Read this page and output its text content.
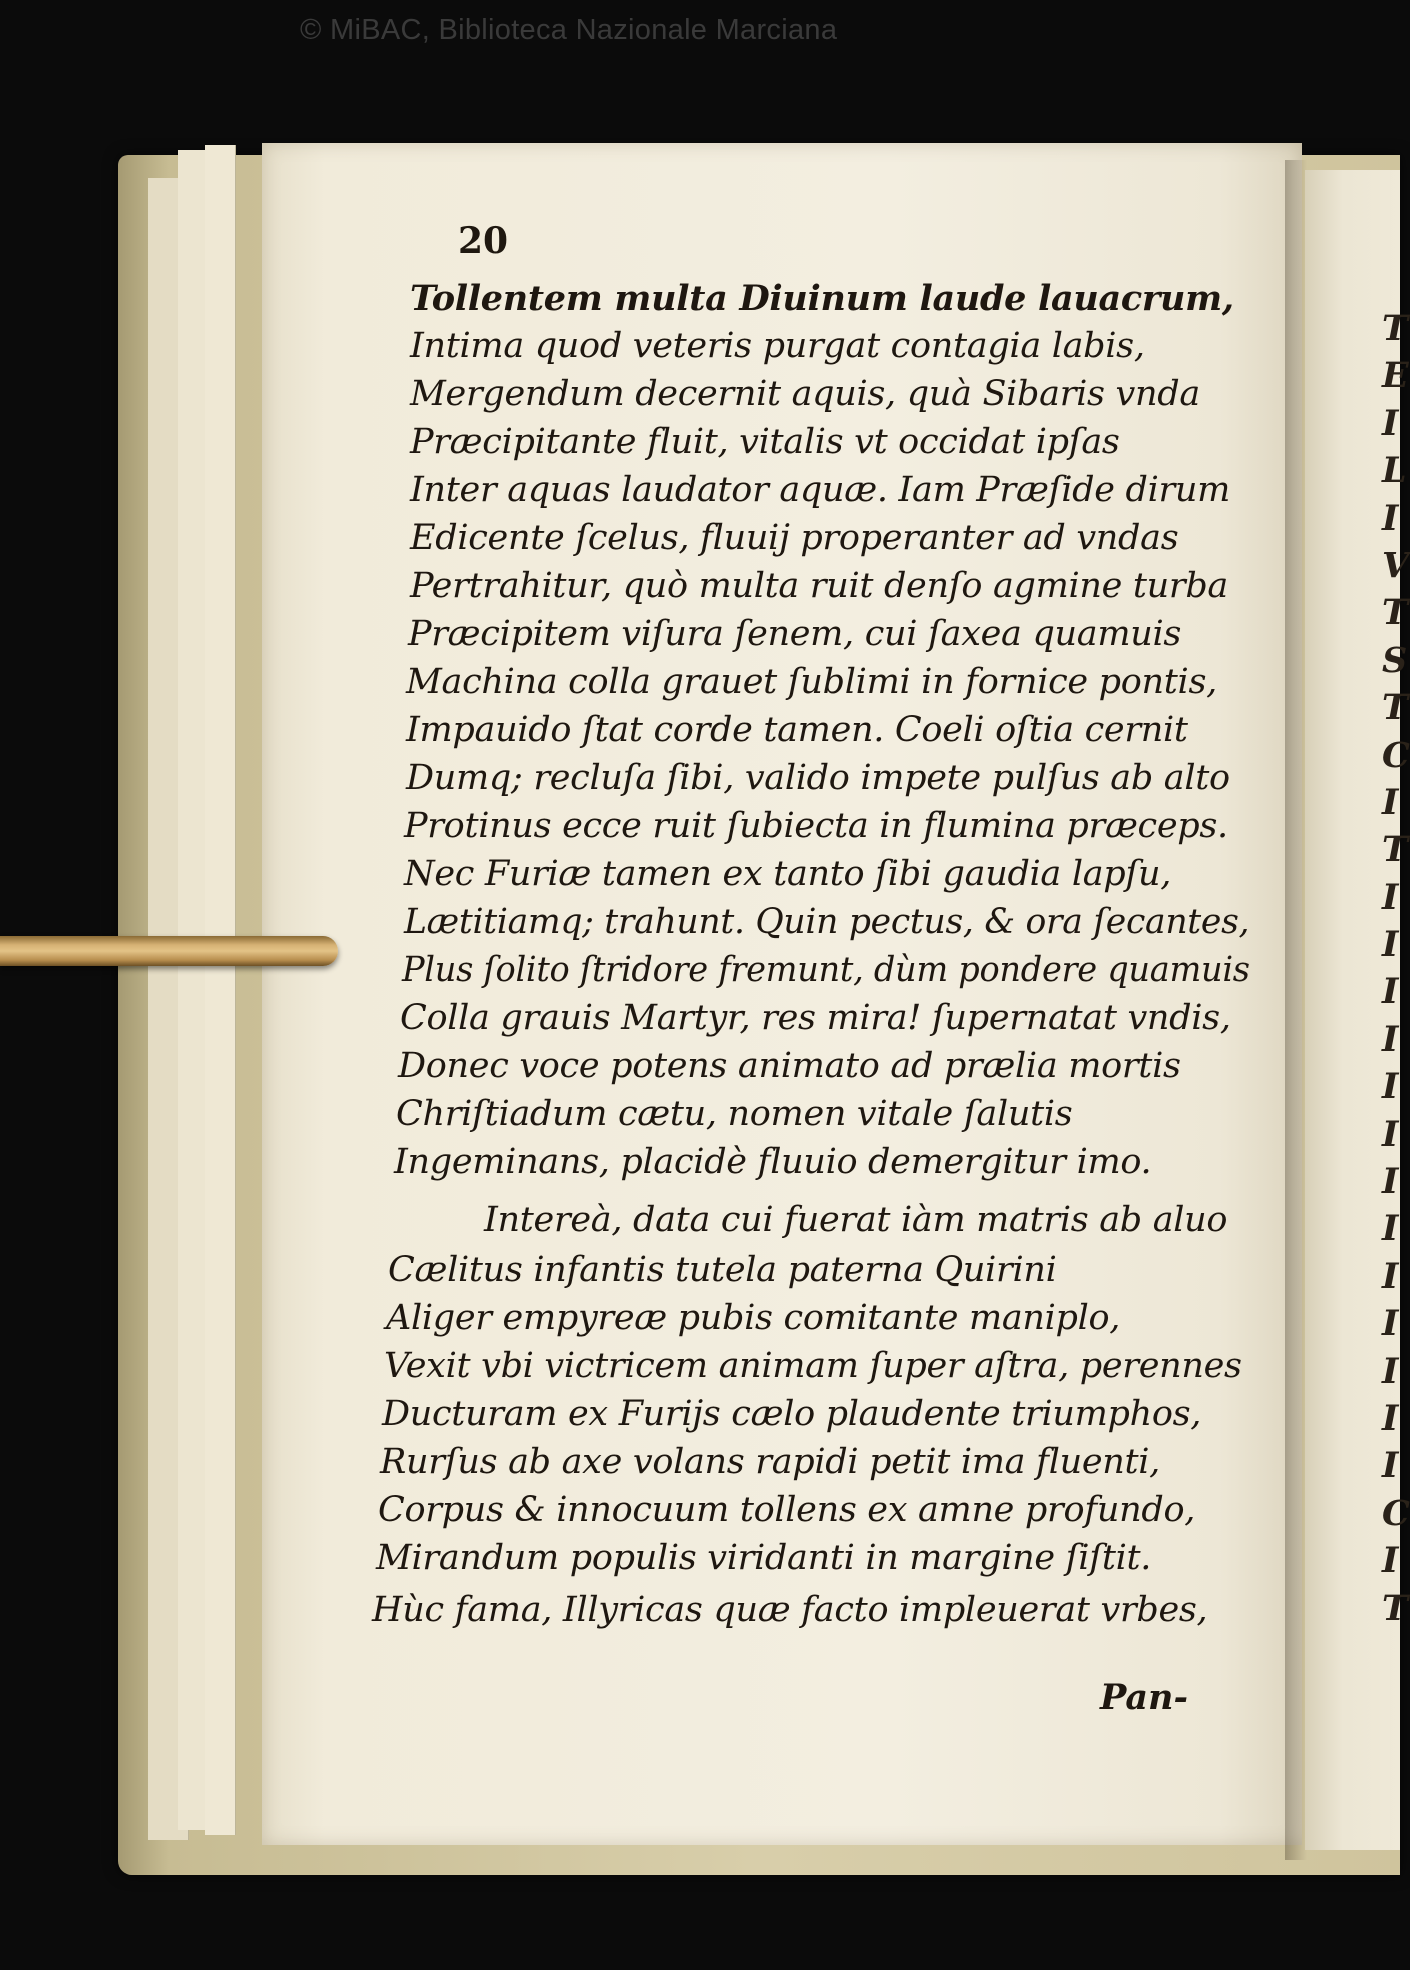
© MiBAC, Biblioteca Nazionale Marciana
T
E
I
L
I
V
T
S
T
C
I
T
I
I
I
I
I
I
I
I
I
I
I
I
I
C
I
T
20
Tollentem multa Diuinum laude lauacrum,
Intima quod veteris purgat contagia labis,
Mergendum decernit aquis, quà Sibaris vnda
Præcipitante fluit, vitalis vt occidat ipſas
Inter aquas laudator aquæ. Iam Præſide dirum
Edicente ſcelus, fluuij properanter ad vndas
Pertrahitur, quò multa ruit denſo agmine turba
Præcipitem viſura ſenem, cui ſaxea quamuis
Machina colla grauet ſublimi in fornice pontis,
Impauido ſtat corde tamen. Coeli oſtia cernit
Dumq; recluſa ſibi, valido impete pulſus ab alto
Protinus ecce ruit ſubiecta in flumina præceps.
Nec Furiæ tamen ex tanto ſibi gaudia lapſu,
Lætitiamq; trahunt. Quin pectus, & ora ſecantes,
Plus ſolito ſtridore fremunt, dùm pondere quamuis
Colla grauis Martyr, res mira! ſupernatat vndis,
Donec voce potens animato ad prælia mortis
Chriſtiadum cætu, nomen vitale ſalutis
Ingeminans, placidè fluuio demergitur imo.
Intereà, data cui fuerat iàm matris ab aluo
Cælitus infantis tutela paterna Quirini
Aliger empyreæ pubis comitante maniplo,
Vexit vbi victricem animam ſuper aſtra, perennes
Ducturam ex Furijs cælo plaudente triumphos,
Rurſus ab axe volans rapidi petit ima fluenti,
Corpus & innocuum tollens ex amne profundo,
Mirandum populis viridanti in margine ſiſtit.
Hùc fama, Illyricas quæ facto impleuerat vrbes,
Pan-
